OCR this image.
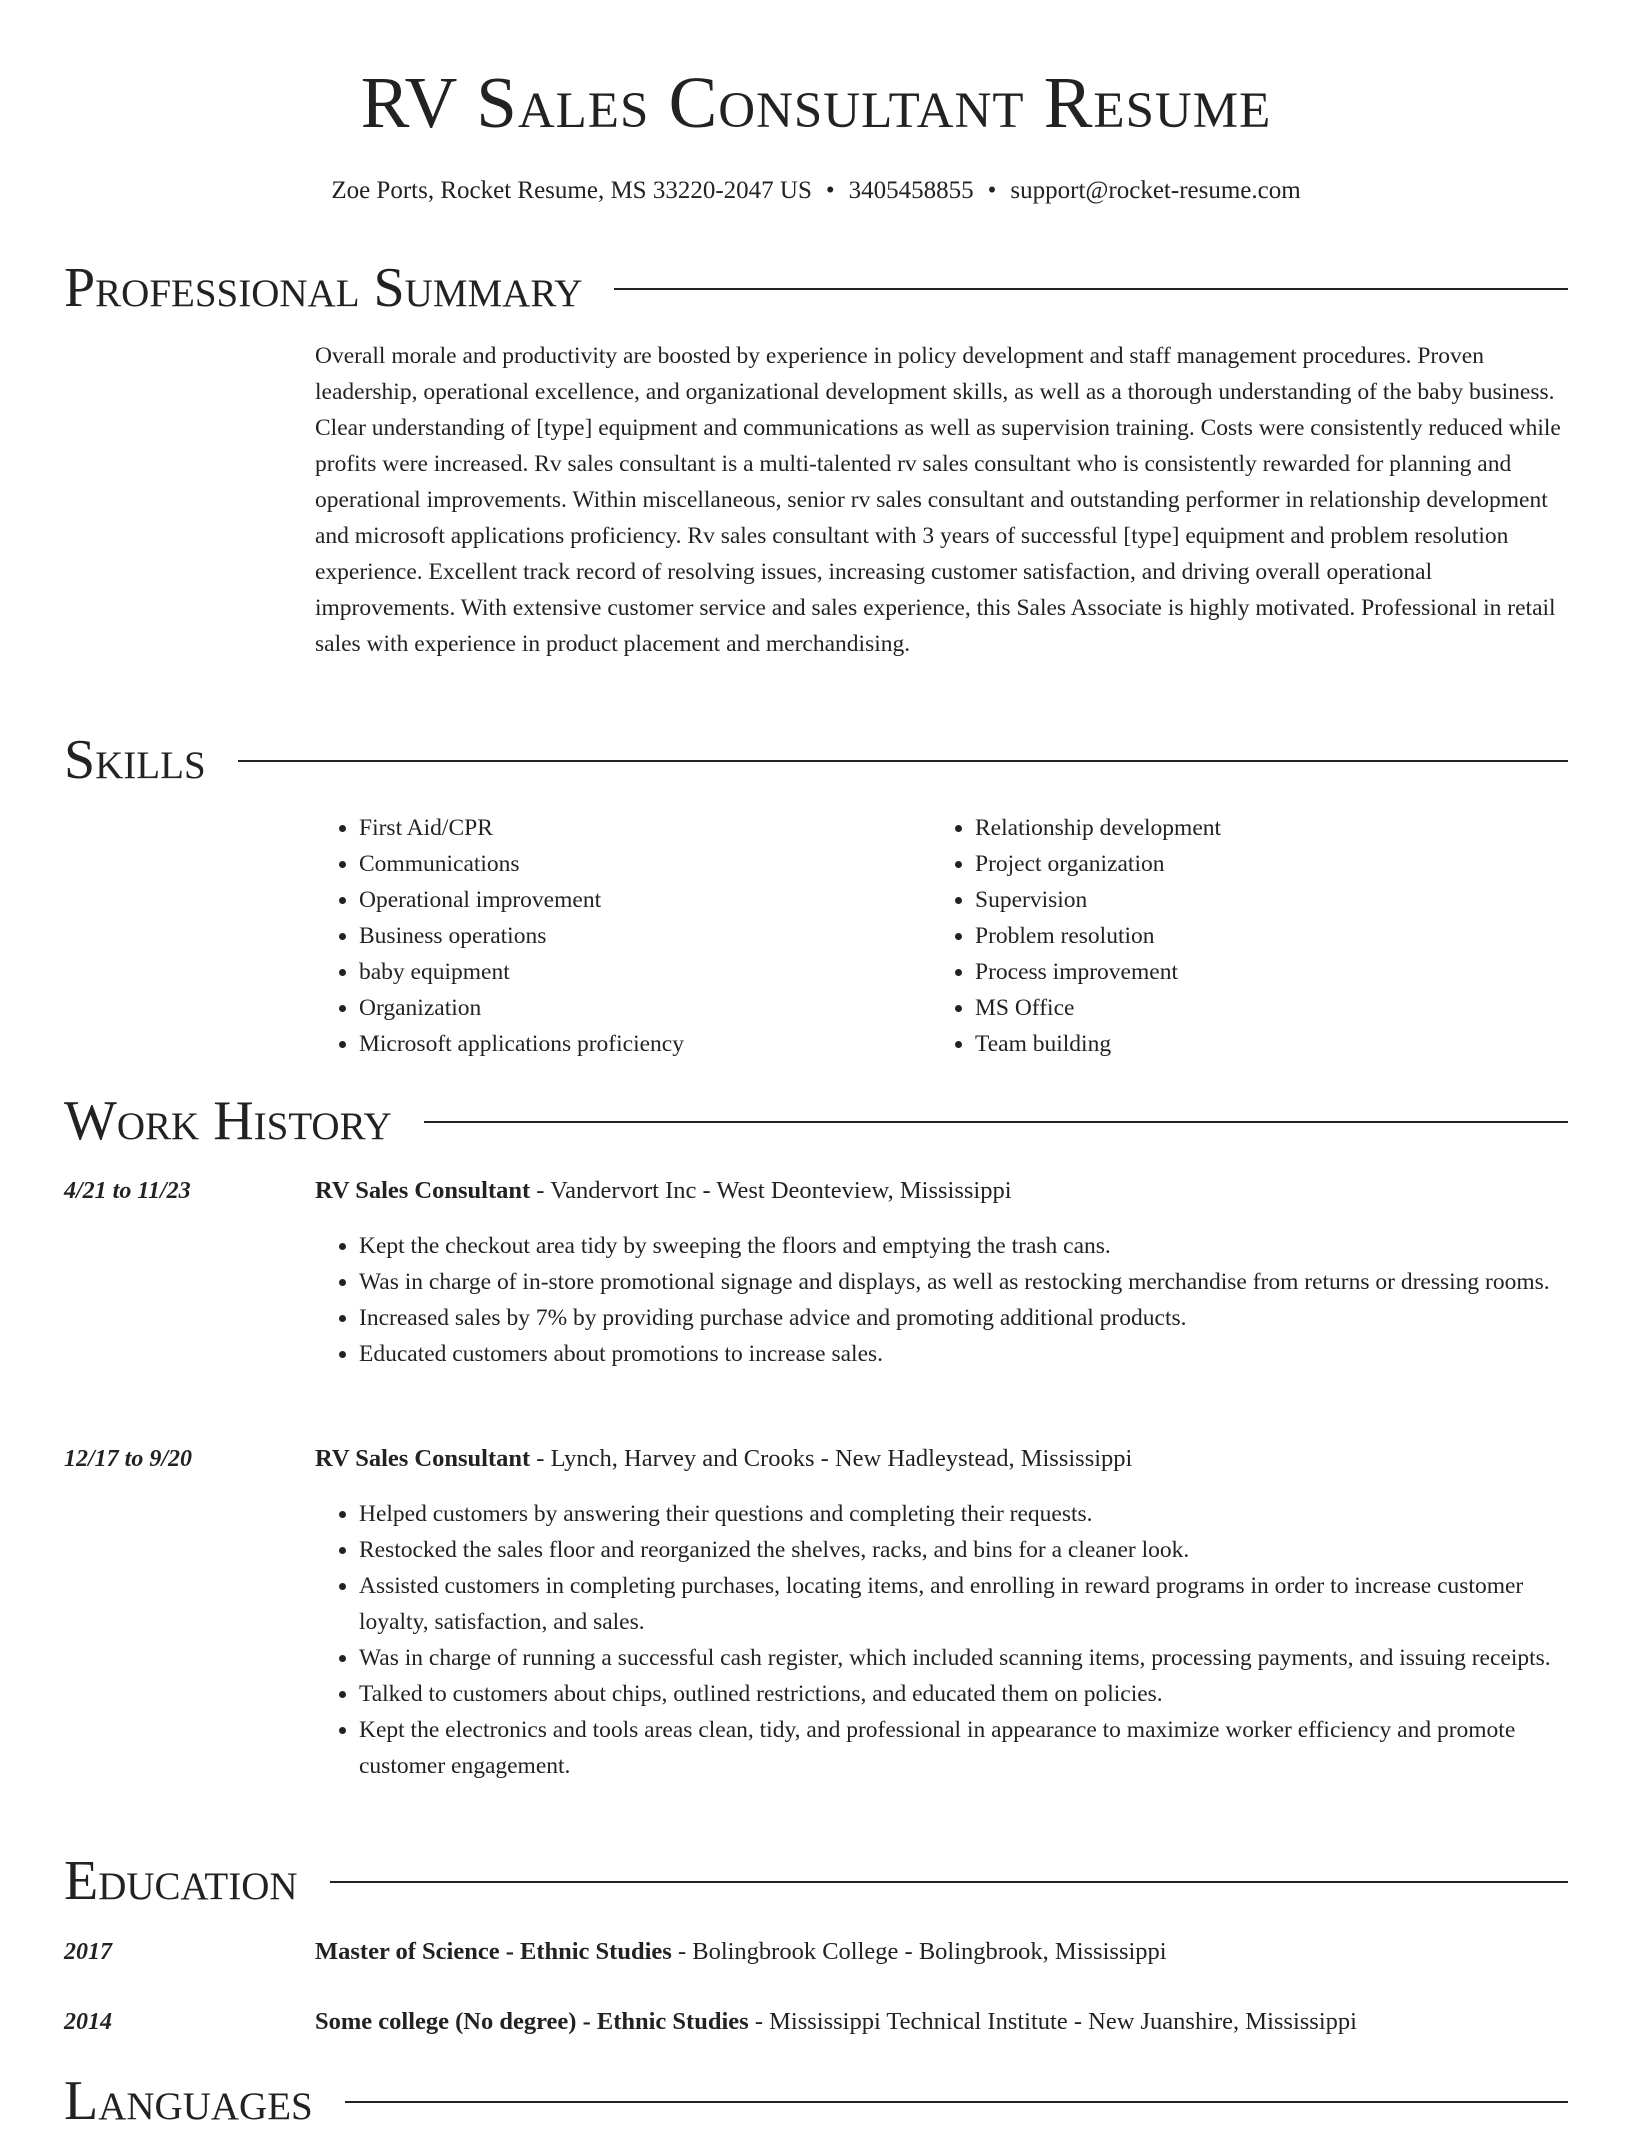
RV Sales Consultant Resume
Zoe Ports, Rocket Resume, MS 33220-2047 US • 3405458855 • support@rocket-resume.com
Professional Summary

Overall morale and productivity are boosted by experience in policy development and staff management procedures. Proven leadership, operational excellence, and organizational development skills, as well as a thorough understanding of the baby business. Clear understanding of [type] equipment and communications as well as supervision training. Costs were consistently reduced while profits were increased. Rv sales consultant is a multi-talented rv sales consultant who is consistently rewarded for planning and operational improvements. Within miscellaneous, senior rv sales consultant and outstanding performer in relationship development and microsoft applications proficiency. Rv sales consultant with 3 years of successful [type] equipment and problem resolution experience. Excellent track record of resolving issues, increasing customer satisfaction, and driving overall operational improvements. With extensive customer service and sales experience, this Sales Associate is highly motivated. Professional in retail sales with experience in product placement and merchandising.

Skills
• First Aid/CPR
• Communications
• Operational improvement
• Business operations
• baby equipment
• Organization
• Microsoft applications proficiency
• Relationship development
• Project organization
• Supervision
• Problem resolution
• Process improvement
• MS Office
• Team building
Work History
4/21 to 11/23	RV Sales Consultant - Vandervort Inc - West Deonteview, Mississippi
• Kept the checkout area tidy by sweeping the floors and emptying the trash cans.
• Was in charge of in-store promotional signage and displays, as well as restocking merchandise from returns or dressing rooms.
• Increased sales by 7% by providing purchase advice and promoting additional products.
• Educated customers about promotions to increase sales.
12/17 to 9/20	RV Sales Consultant - Lynch, Harvey and Crooks - New Hadleystead, Mississippi
• Helped customers by answering their questions and completing their requests.
• Restocked the sales floor and reorganized the shelves, racks, and bins for a cleaner look.
• Assisted customers in completing purchases, locating items, and enrolling in reward programs in order to increase customer loyalty, satisfaction, and sales.
• Was in charge of running a successful cash register, which included scanning items, processing payments, and issuing receipts.
• Talked to customers about chips, outlined restrictions, and educated them on policies.
• Kept the electronics and tools areas clean, tidy, and professional in appearance to maximize worker efficiency and promote customer engagement.
Education
2017	Master of Science - Ethnic Studies - Bolingbrook College - Bolingbrook, Mississippi
2014	Some college (No degree) - Ethnic Studies - Mississippi Technical Institute - New Juanshire, Mississippi
Languages
